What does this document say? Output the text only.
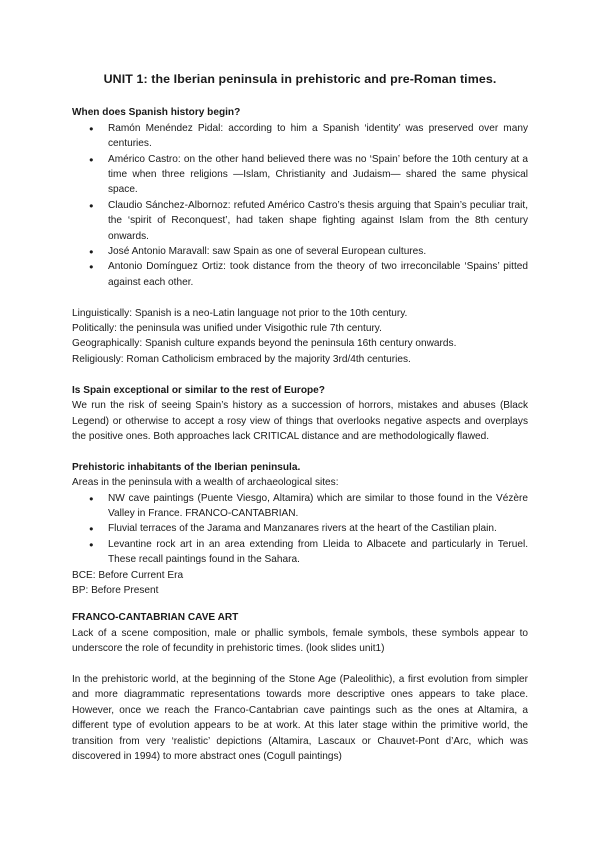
UNIT 1: the Iberian peninsula in prehistoric and pre-Roman times.

When does Spanish history begin?

● Ramón Menéndez Pidal: according to him a Spanish ‘identity’ was preserved over many centuries.
● Américo Castro: on the other hand believed there was no ‘Spain’ before the 10th century at a time when three religions —Islam, Christianity and Judaism— shared the same physical space.
● Claudio Sánchez-Albornoz: refuted Américo Castro’s thesis arguing that Spain’s peculiar trait, the ‘spirit of Reconquest’, had taken shape fighting against Islam from the 8th century onwards.
● José Antonio Maravall: saw Spain as one of several European cultures.
● Antonio Domínguez Ortiz: took distance from the theory of two irreconcilable ‘Spains’ pitted against each other.

Linguistically: Spanish is a neo-Latin language not prior to the 10th century.

Politically: the peninsula was unified under Visigothic rule 7th century.

Geographically: Spanish culture expands beyond the peninsula 16th century onwards.

Religiously: Roman Catholicism embraced by the majority 3rd/4th centuries.

Is Spain exceptional or similar to the rest of Europe?

We run the risk of seeing Spain’s history as a succession of horrors, mistakes and abuses (Black Legend) or otherwise to accept a rosy view of things that overlooks negative aspects and overplays the positive ones. Both approaches lack CRITICAL distance and are methodologically flawed.

Prehistoric inhabitants of the Iberian peninsula.

Areas in the peninsula with a wealth of archaeological sites:

● NW cave paintings (Puente Viesgo, Altamira) which are similar to those found in the Vézère Valley in France. FRANCO-CANTABRIAN.
● Fluvial terraces of the Jarama and Manzanares rivers at the heart of the Castilian plain.
● Levantine rock art in an area extending from Lleida to Albacete and particularly in Teruel. These recall paintings found in the Sahara.

BCE: Before Current Era

BP: Before Present

FRANCO-CANTABRIAN CAVE ART

Lack of a scene composition, male or phallic symbols, female symbols, these symbols appear to underscore the role of fecundity in prehistoric times. (look slides unit1)

In the prehistoric world, at the beginning of the Stone Age (Paleolithic), a first evolution from simpler and more diagrammatic representations towards more descriptive ones appears to take place. However, once we reach the Franco-Cantabrian cave paintings such as the ones at Altamira, a different type of evolution appears to be at work. At this later stage within the primitive world, the transition from very ‘realistic’ depictions (Altamira, Lascaux or Chauvet-Pont d’Arc, which was discovered in 1994) to more abstract ones (Cogull paintings)
